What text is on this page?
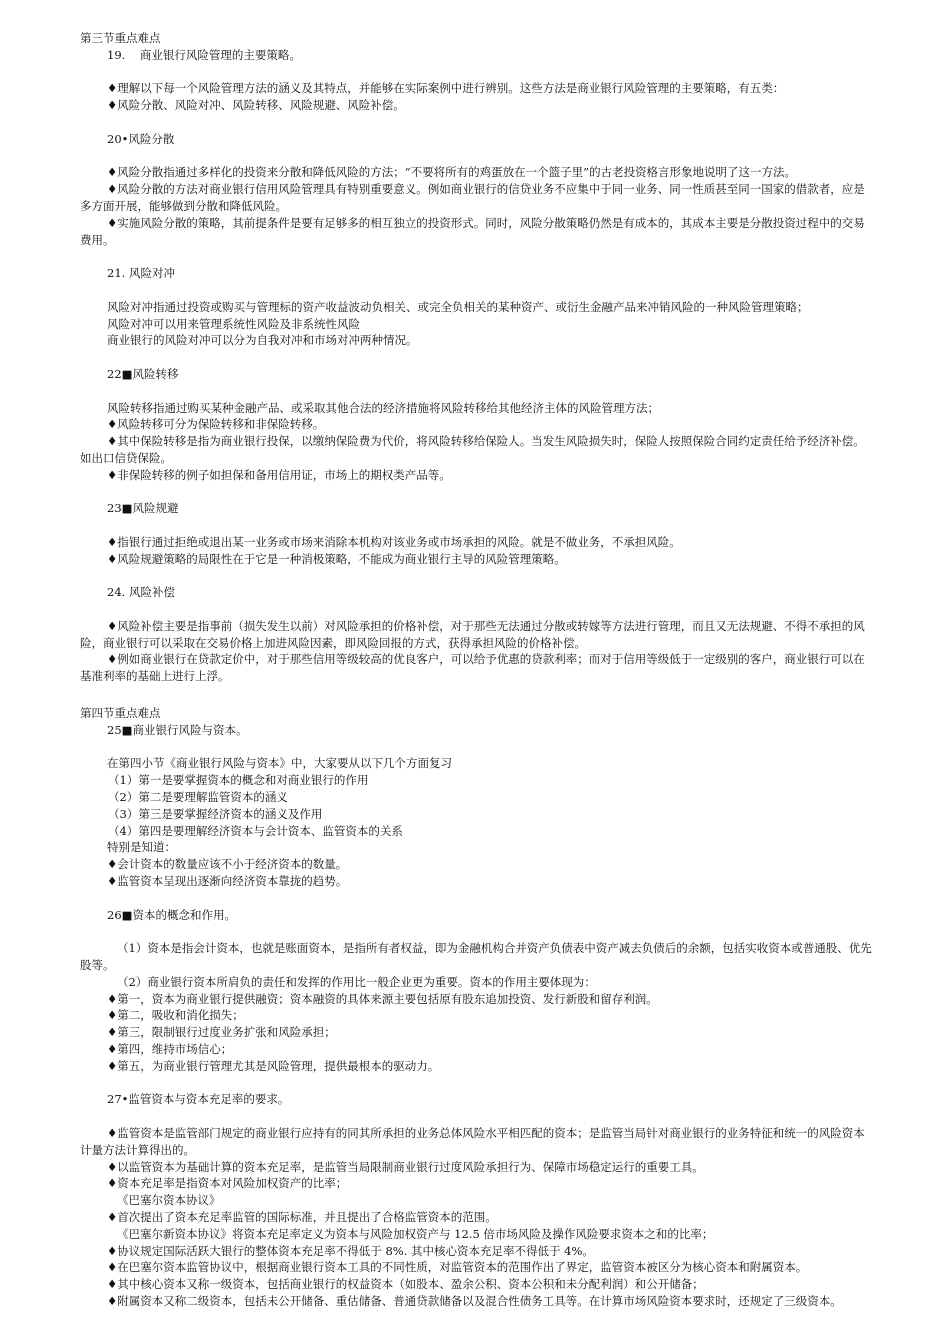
第三节重点难点
19.    商业银行风险管理的主要策略。
♦理解以下每一个风险管理方法的涵义及其特点，并能够在实际案例中进行辨别。这些方法是商业银行风险管理的主要策略，有五类：
♦风险分散、风险对冲、风险转移、风险规避、风险补偿。
20•风险分散
♦风险分散指通过多样化的投资来分散和降低风险的方法；“不要将所有的鸡蛋放在一个篮子里”的古老投资格言形象地说明了这一方法。
♦风险分散的方法对商业银行信用风险管理具有特别重要意义。例如商业银行的信贷业务不应集中于同一业务、同一性质甚至同一国家的借款者，应是多方面开展，能够做到分散和降低风险。
♦实施风险分散的策略，其前提条件是要有足够多的相互独立的投资形式。同时，风险分散策略仍然是有成本的，其成本主要是分散投资过程中的交易费用。
21. 风险对冲
风险对冲指通过投资或购买与管理标的资产收益波动负相关、或完全负相关的某种资产、或衍生金融产品来冲销风险的一种风险管理策略；
风险对冲可以用来管理系统性风险及非系统性风险
商业银行的风险对冲可以分为自我对冲和市场对冲两种情况。
22■风险转移
风险转移指通过购买某种金融产品、或采取其他合法的经济措施将风险转移给其他经济主体的风险管理方法；
♦风险转移可分为保险转移和非保险转移。
♦其中保险转移是指为商业银行投保，以缴纳保险费为代价，将风险转移给保险人。当发生风险损失时，保险人按照保险合同约定责任给予经济补偿。如出口信贷保险。
♦非保险转移的例子如担保和备用信用证，市场上的期权类产品等。
23■风险规避
♦指银行通过拒绝或退出某一业务或市场来消除本机构对该业务或市场承担的风险。就是不做业务，不承担风险。
♦风险规避策略的局限性在于它是一种消极策略，不能成为商业银行主导的风险管理策略。
24. 风险补偿
♦风险补偿主要是指事前（损失发生以前）对风险承担的价格补偿，对于那些无法通过分散或转嫁等方法进行管理，而且又无法规避、不得不承担的风险，商业银行可以采取在交易价格上加进风险因素，即风险回报的方式，获得承担风险的价格补偿。
♦例如商业银行在贷款定价中，对于那些信用等级较高的优良客户，可以给予优惠的贷款利率；而对于信用等级低于一定级别的客户，商业银行可以在基准利率的基础上进行上浮。
第四节重点难点
25■商业银行风险与资本。
在第四小节《商业银行风险与资本》中，大家要从以下几个方面复习
（1）第一是要掌握资本的概念和对商业银行的作用
（2）第二是要理解监管资本的涵义
（3）第三是要掌握经济资本的涵义及作用
（4）第四是要理解经济资本与会计资本、监管资本的关系
特别是知道：
♦会计资本的数量应该不小于经济资本的数量。
♦监管资本呈现出逐渐向经济资本靠拢的趋势。
26■资本的概念和作用。
（1）资本是指会计资本，也就是账面资本，是指所有者权益，即为金融机构合并资产负债表中资产减去负债后的余额，包括实收资本或普通股、优先股等。
（2）商业银行资本所肩负的责任和发挥的作用比一般企业更为重要。资本的作用主要体现为：
♦第一，资本为商业银行提供融资；资本融资的具体来源主要包括原有股东追加投资、发行新股和留存利润。
♦第二，吸收和消化损失；
♦第三，限制银行过度业务扩张和风险承担；
♦第四，维持市场信心；
♦第五，为商业银行管理尤其是风险管理，提供最根本的驱动力。
27•监管资本与资本充足率的要求。
♦监管资本是监管部门规定的商业银行应持有的同其所承担的业务总体风险水平相匹配的资本；是监管当局针对商业银行的业务特征和统一的风险资本计量方法计算得出的。
♦以监管资本为基础计算的资本充足率，是监管当局限制商业银行过度风险承担行为、保障市场稳定运行的重要工具。
♦资本充足率是指资本对风险加权资产的比率；
《巴塞尔资本协议》
♦首次提出了资本充足率监管的国际标准，并且提出了合格监管资本的范围。
《巴塞尔新资本协议》将资本充足率定义为资本与风险加权资产与 12.5 倍市场风险及操作风险要求资本之和的比率；
♦协议规定国际活跃大银行的整体资本充足率不得低于 8%. 其中核心资本充足率不得低于 4%。
♦在巴塞尔资本监管协议中，根据商业银行资本工具的不同性质，对监管资本的范围作出了界定，监管资本被区分为核心资本和附属资本。
♦其中核心资本又称一级资本，包括商业银行的权益资本（如股本、盈余公积、资本公积和未分配利润）和公开储备；
♦附属资本又称二级资本，包括未公开储备、重估储备、普通贷款储备以及混合性债务工具等。在计算市场风险资本要求时，还规定了三级资本。
